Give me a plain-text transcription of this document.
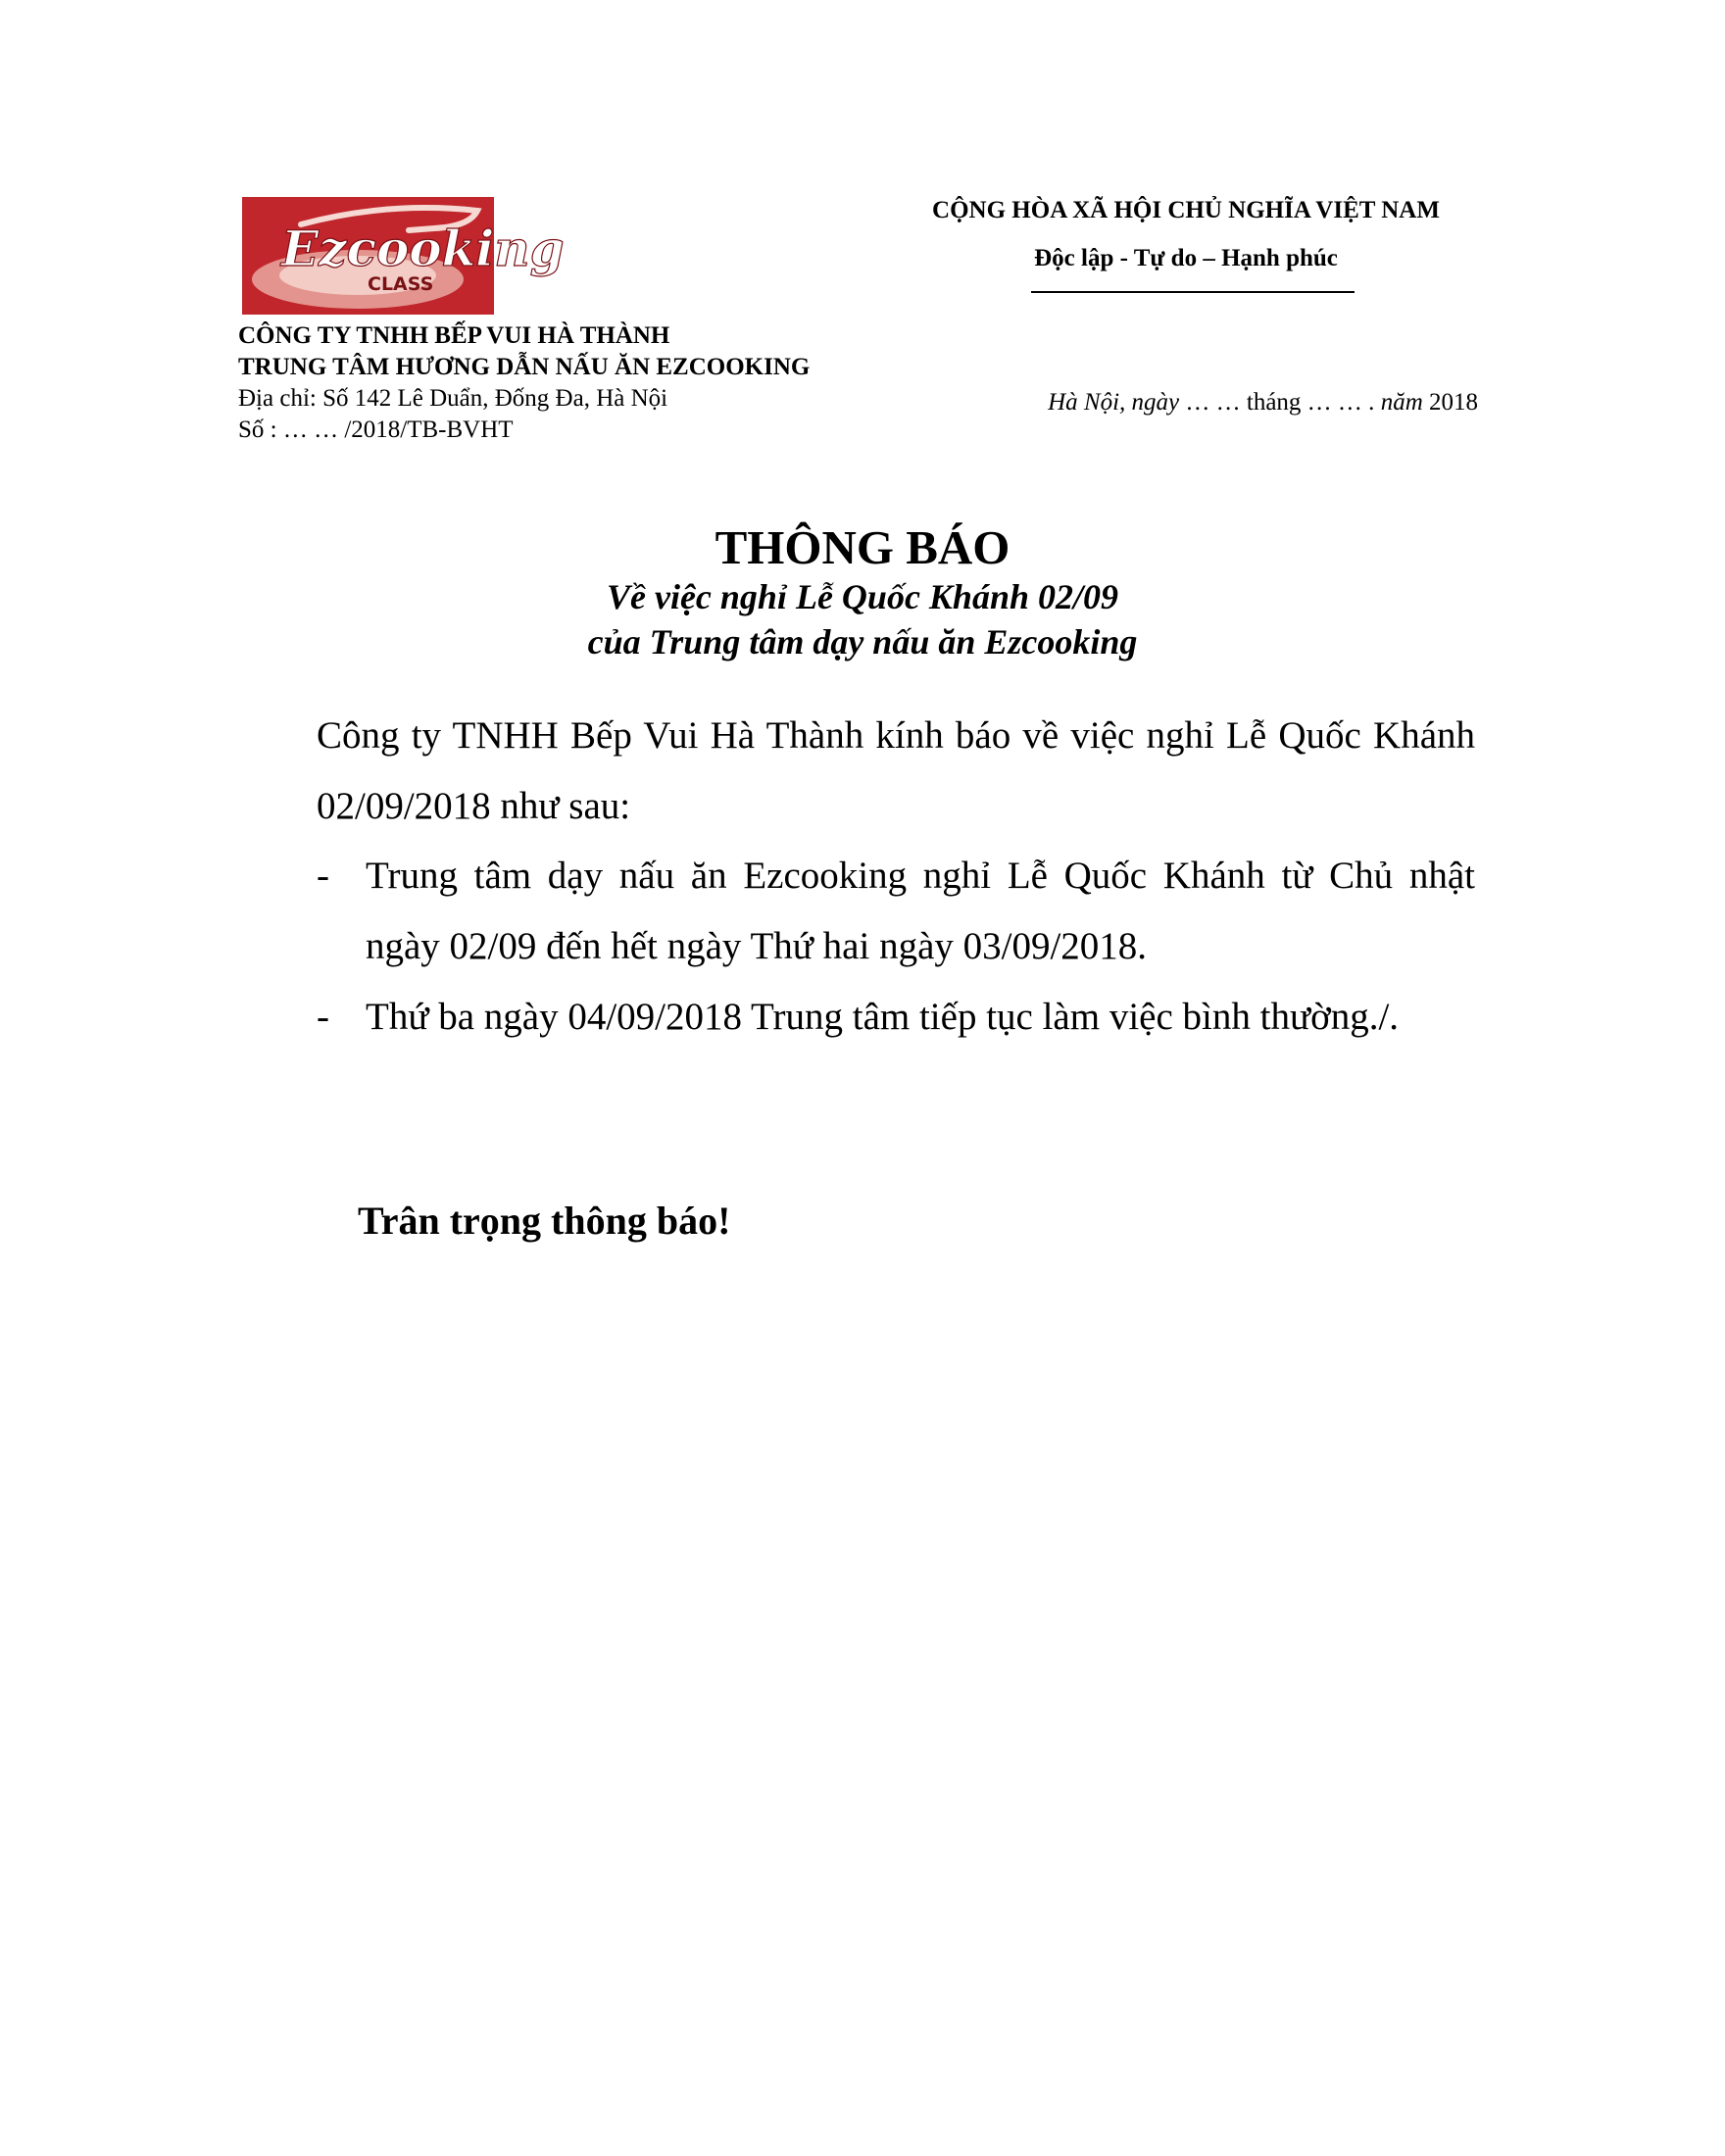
Ezcooking
CLASS
CÔNG TY TNHH BẾP VUI HÀ THÀNH
TRUNG TÂM HƯƠNG DẪN NẤU ĂN EZCOOKING
Địa chỉ: Số 142 Lê Duẩn, Đống Đa, Hà Nội
Số : … … /2018/TB-BVHT
CỘNG HÒA XÃ HỘI CHỦ NGHĨA VIỆT NAM
Độc lập - Tự do – Hạnh phúc
Hà Nội, ngày … … tháng … … . năm 2018
THÔNG BÁO
Về việc nghỉ Lễ Quốc Khánh 02/09
của Trung tâm dạy nấu ăn Ezcooking
Công ty TNHH Bếp Vui Hà Thành kính báo về việc nghỉ Lễ Quốc Khánh 02/09/2018 như sau:
- Trung tâm dạy nấu ăn Ezcooking nghỉ Lễ Quốc Khánh từ Chủ nhật ngày 02/09 đến hết ngày Thứ hai ngày 03/09/2018.
- Thứ ba ngày 04/09/2018 Trung tâm tiếp tục làm việc bình thường./.
Trân trọng thông báo!
